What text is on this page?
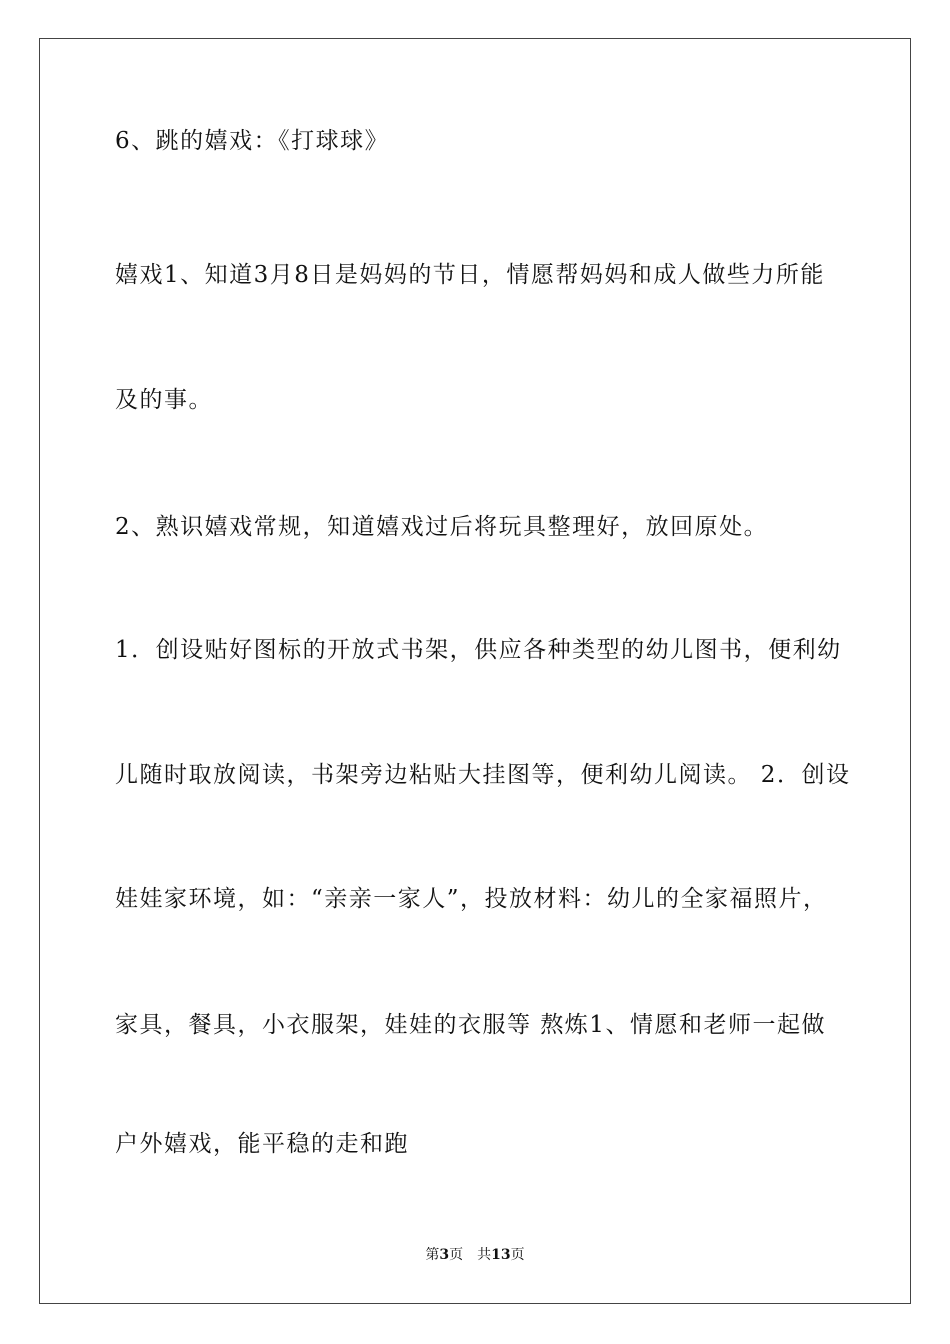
6、跳的嬉戏：《打球球》
嬉戏1、知道3月8日是妈妈的节日，情愿帮妈妈和成人做些力所能
及的事。
2、熟识嬉戏常规，知道嬉戏过后将玩具整理好，放回原处。
1．创设贴好图标的开放式书架，供应各种类型的幼儿图书，便利幼
儿随时取放阅读，书架旁边粘贴大挂图等，便利幼儿阅读。 2．创设
娃娃家环境，如：“亲亲一家人”，投放材料：幼儿的全家福照片，
家具，餐具，小衣服架，娃娃的衣服等 熬炼1、情愿和老师一起做
户外嬉戏，能平稳的走和跑
第3页 共13页
